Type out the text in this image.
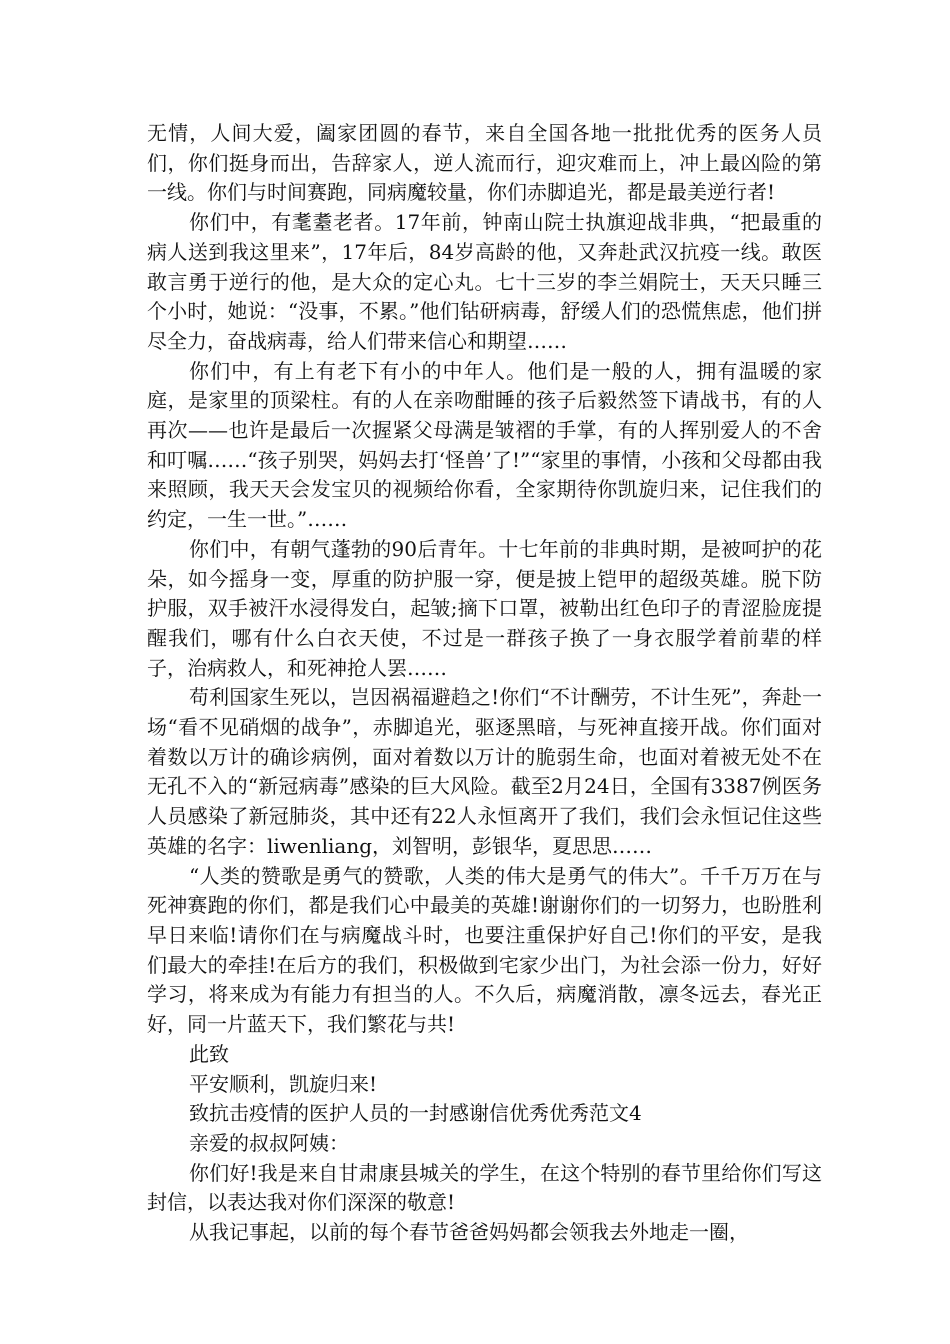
无情，人间大爱，阖家团圆的春节，来自全国各地一批批优秀的医务人员们，你们挺身而出，告辞家人，逆人流而行，迎灾难而上，冲上最凶险的第一线。你们与时间赛跑，同病魔较量，你们赤脚追光，都是最美逆行者!

你们中，有耄耋老者。17年前，钟南山院士执旗迎战非典，“把最重的病人送到我这里来”，17年后，84岁高龄的他，又奔赴武汉抗疫一线。敢医敢言勇于逆行的他，是大众的定心丸。七十三岁的李兰娟院士，天天只睡三个小时，她说：“没事，不累。”他们钻研病毒，舒缓人们的恐慌焦虑，他们拼尽全力，奋战病毒，给人们带来信心和期望……

你们中，有上有老下有小的中年人。他们是一般的人，拥有温暖的家庭，是家里的顶梁柱。有的人在亲吻酣睡的孩子后毅然签下请战书，有的人再次——也许是最后一次握紧父母满是皱褶的手掌，有的人挥别爱人的不舍和叮嘱……“孩子别哭，妈妈去打‘怪兽’了!”“家里的事情，小孩和父母都由我来照顾，我天天会发宝贝的视频给你看，全家期待你凯旋归来，记住我们的约定，一生一世。”……

你们中，有朝气蓬勃的90后青年。十七年前的非典时期，是被呵护的花朵，如今摇身一变，厚重的防护服一穿，便是披上铠甲的超级英雄。脱下防护服，双手被汗水浸得发白，起皱;摘下口罩，被勒出红色印子的青涩脸庞提醒我们，哪有什么白衣天使，不过是一群孩子换了一身衣服学着前辈的样子，治病救人，和死神抢人罢……

苟利国家生死以，岂因祸福避趋之!你们“不计酬劳，不计生死”，奔赴一场“看不见硝烟的战争”，赤脚追光，驱逐黑暗，与死神直接开战。你们面对着数以万计的确诊病例，面对着数以万计的脆弱生命，也面对着被无处不在无孔不入的“新冠病毒”感染的巨大风险。截至2月24日，全国有3387例医务人员感染了新冠肺炎，其中还有22人永恒离开了我们，我们会永恒记住这些英雄的名字：liwenliang，刘智明，彭银华，夏思思……

“人类的赞歌是勇气的赞歌，人类的伟大是勇气的伟大”。千千万万在与死神赛跑的你们，都是我们心中最美的英雄!谢谢你们的一切努力，也盼胜利早日来临!请你们在与病魔战斗时，也要注重保护好自己!你们的平安，是我们最大的牵挂!在后方的我们，积极做到宅家少出门，为社会添一份力，好好学习，将来成为有能力有担当的人。不久后，病魔消散，凛冬远去，春光正好，同一片蓝天下，我们繁花与共!

此致

平安顺利，凯旋归来!

致抗击疫情的医护人员的一封感谢信优秀优秀范文4

亲爱的叔叔阿姨：

你们好!我是来自甘肃康县城关的学生，在这个特别的春节里给你们写这封信，以表达我对你们深深的敬意!

从我记事起，以前的每个春节爸爸妈妈都会领我去外地走一圈，
